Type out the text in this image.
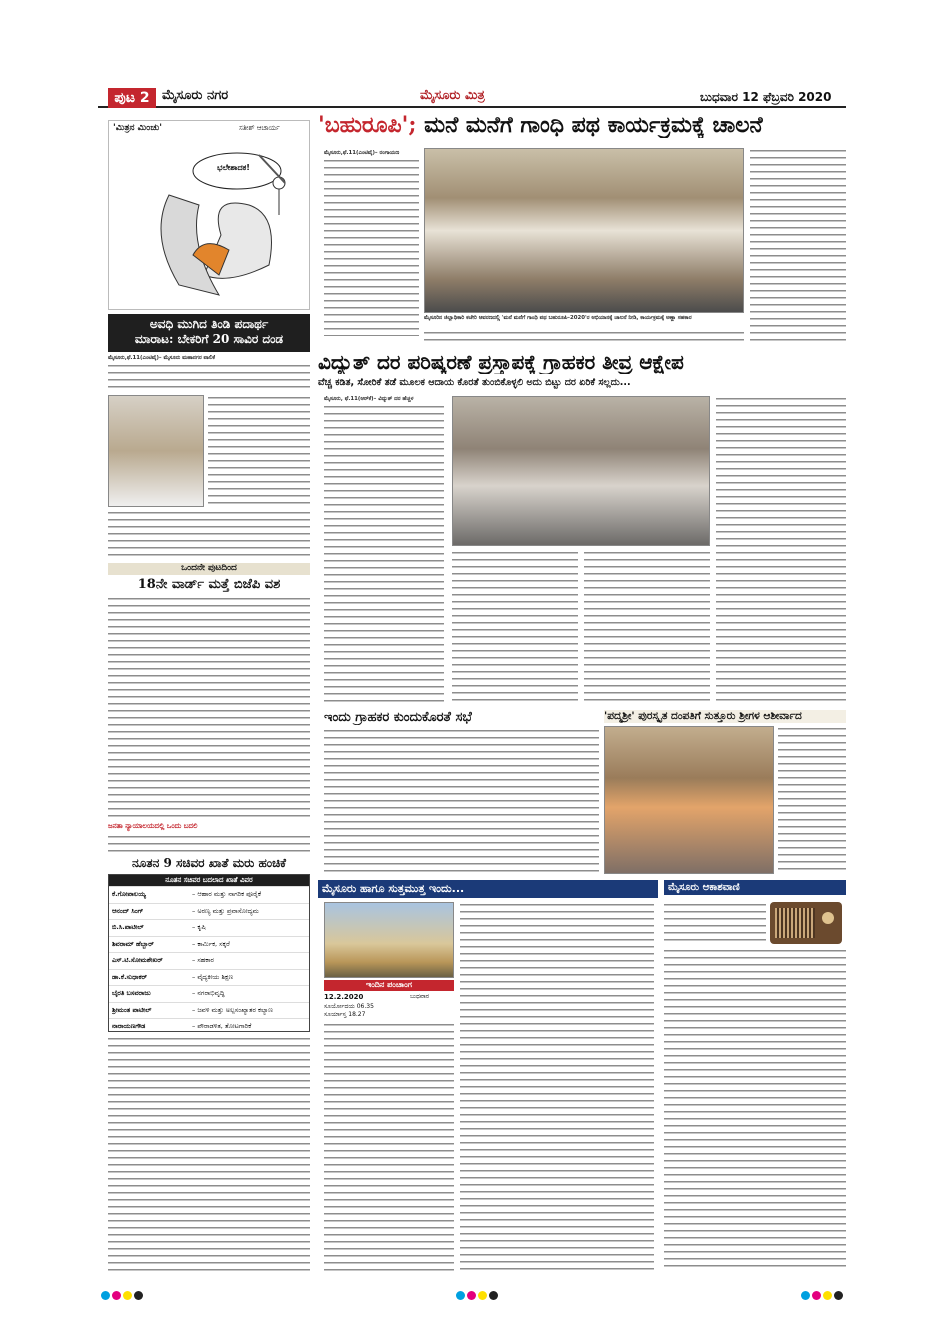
ಪುಟ 2 ಮೈಸೂರು ನಗರ	ಮೈಸೂರು ಮಿತ್ರ	ಬುಧವಾರ 12 ಫೆಬ್ರವರಿ 2020
'ಮಿತ್ರನ ಮಿಂಚು'	ಸತೀಶ್ ಆಚಾರ್ಯ
ಭಲೇಶಾದಕ!
ಅವಧಿ ಮುಗಿದ ತಿಂಡಿ ಪದಾರ್ಥ
ಮಾರಾಟ: ಬೇಕರಿಗೆ 20 ಸಾವಿರ ದಂಡ
ಮೈಸೂರು,ಫೆ.11(ಎಂಟಿವೈ)– ಮೈಸೂರು ಮಹಾನಗರ ಪಾಲಿಕೆ
ಒಂದನೇ ಪುಟದಿಂದ
18ನೇ ವಾರ್ಡ್ ಮತ್ತೆ ಬಿಜೆಪಿ ವಶ
ಜನತಾ ನ್ಯಾಯಾಲಯದಲ್ಲಿ ಒಂದು ಬದಲಿ
ನೂತನ 9 ಸಚಿವರ ಖಾತೆ ಮರು ಹಂಚಿಕೆ
ನೂತನ ಸಚಿವರ ಬದಲಾದ ಖಾತೆ ವಿವರ
ಕೆ.ಗೋಪಾಲಯ್ಯ	– ಆಹಾರ ಮತ್ತು ನಾಗರಿಕ ಪೂರೈಕೆ
ಆನಂದ್ ಸಿಂಗ್	– ಅರಣ್ಯ ಮತ್ತು ಪ್ರವಾಸೋದ್ಯಮ
ಬಿ.ಸಿ.ಪಾಟೀಲ್	– ಕೃಷಿ
ಶಿವರಾಮ್ ಹೆಬ್ಬಾರ್	– ಕಾರ್ಮಿಕ, ಸಕ್ಕರೆ
ಎಸ್.ಟಿ.ಸೋಮಶೇಖರ್	– ಸಹಕಾರ
ಡಾ.ಕೆ.ಸುಧಾಕರ್	– ವೈದ್ಯಕೀಯ ಶಿಕ್ಷಣ
ಬೈರತಿ ಬಸವರಾಜು	– ನಗರಾಭಿವೃದ್ಧಿ
ಶ್ರೀಮಂತ ಪಾಟೀಲ್	– ಜವಳಿ ಮತ್ತು ಅಲ್ಪಸಂಖ್ಯಾತರ ಕಲ್ಯಾಣ
ನಾರಾಯಣಗೌಡ	– ಪೌರಾಡಳಿತ, ತೋಟಗಾರಿಕೆ
'ಬಹುರೂಪಿ'; ಮನೆ ಮನೆಗೆ ಗಾಂಧಿ ಪಥ ಕಾರ್ಯಕ್ರಮಕ್ಕೆ ಚಾಲನೆ
ಮೈಸೂರು,ಫೆ.11(ಎಂಟಿವೈ)– ರಂಗಾಯಣ
ಮೈಸೂರಿನ ಜಿಲ್ಲಾಧಿಕಾರಿ ಕಚೇರಿ ಆವರಣದಲ್ಲಿ 'ಮನೆ ಮನೆಗೆ ಗಾಂಧಿ ಪಥ ಬಹುರೂಪಿ–2020'ರ ಅಭಿಯಾನಕ್ಕೆ ಚಾಲನೆ ನೀಡಿ, ಕಾರ್ಯಕ್ರಮಕ್ಕೆ ಅಣ್ಣಾ ಸಹಕಾರ
ವಿದ್ಯುತ್ ದರ ಪರಿಷ್ಕರಣೆ ಪ್ರಸ್ತಾಪಕ್ಕೆ ಗ್ರಾಹಕರ ತೀವ್ರ ಆಕ್ಷೇಪ
ವೆಚ್ಚ ಕಡಿತ, ಸೋರಿಕೆ ತಡೆ ಮೂಲಕ ಆದಾಯ ಕೊರತೆ ತುಂಬಿಕೊಳ್ಳಲಿ ಅದು ಬಿಟ್ಟು ದರ ಏರಿಕೆ ಸಲ್ಲದು...
ಮೈಸೂರು, ಫೆ.11(ಆರ್‌ಕೆ)– ವಿದ್ಯುತ್ ದರ ಹೆಚ್ಚಳ
ಇಂದು ಗ್ರಾಹಕರ ಕುಂದುಕೊರತೆ ಸಭೆ	'ಪದ್ಮಶ್ರೀ' ಪುರಸ್ಕೃತ ದಂಪತಿಗೆ ಸುತ್ತೂರು ಶ್ರೀಗಳ ಆಶೀರ್ವಾದ
ಮೈಸೂರು ಹಾಗೂ ಸುತ್ತಮುತ್ತ ಇಂದು...
ಇಂದಿನ ಪಂಚಾಂಗ
12.2.2020	ಬುಧವಾರ
ಸೂರ್ಯೋದಯ 06.35
ಸೂರ್ಯಾಸ್ತ 18.27
ಮೈಸೂರು ಆಕಾಶವಾಣಿ
